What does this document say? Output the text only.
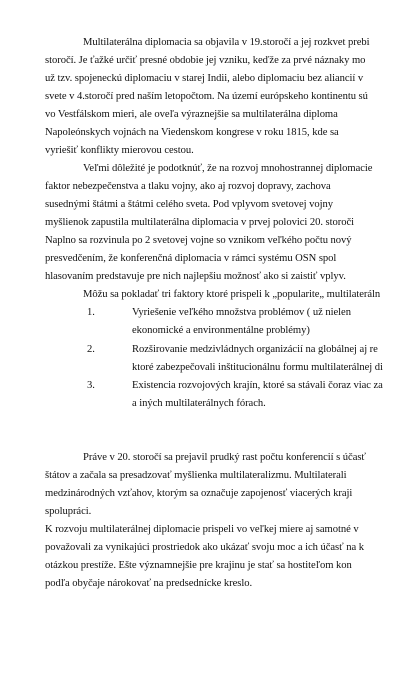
Multilaterálna diplomacia sa objavila v 19.storočí a jej rozkvet prebi
storočí. Je ťažké určiť presné obdobie jej vzniku, keďže za prvé náznaky mo
už tzv. spojeneckú diplomaciu v starej Indii, alebo diplomaciu bez aliancií v
svete v 4.storočí pred naším letopočtom. Na území európskeho kontinentu sú
vo Vestfálskom mieri, ale oveľa výraznejšie sa multilaterálna diploma
Napoleónskych vojnách na Viedenskom kongrese v roku 1815, kde sa
vyriešiť konflikty mierovou cestou.
Veľmi dôležité je podotknúť, že na rozvoj mnohostrannej diplomacie
faktor nebezpečenstva a tlaku vojny, ako aj rozvoj dopravy, zachova
susednými štátmi a štátmi celého sveta. Pod vplyvom svetovej vojny
myšlienok zapustila multilaterálna diplomacia v prvej polovici 20. storoči
Naplno sa rozvinula po 2 svetovej vojne so vznikom veľkého počtu nový
presvedčením, že konferenčná diplomacia v rámci systému OSN spol
hlasovaním predstavuje pre nich najlepšiu možnosť ako si zaistiť vplyv.
Môžu sa pokladať tri faktory ktoré prispeli k „popularite„ multilateráln
1.	Vyriešenie veľkého množstva problémov ( už nielen
ekonomické a environmentálne problémy)
2.	Rozširovanie medzivládnych organizácií na globálnej aj re
ktoré zabezpečovali inštitucionálnu formu multilaterálnej di
3.	Existencia rozvojových krajín, ktoré sa stávali čoraz viac za
a iných multilaterálnych fórach.
Práve v 20. storočí sa prejavil prudký rast počtu konferencií s účasť
štátov a začala sa presadzovať myšlienka multilateralizmu. Multilaterali
medzinárodných vzťahov, ktorým sa označuje zapojenosť viacerých kraji
spolupráci.
K rozvoju multilaterálnej diplomacie prispeli vo veľkej miere aj samotné v
považovali za vynikajúci prostriedok ako ukázať svoju moc a ich účasť na k
otázkou prestíže. Ešte významnejšie pre krajinu je stať sa hostiteľom kon
podľa obyčaje nárokovať na predsednícke kreslo.
